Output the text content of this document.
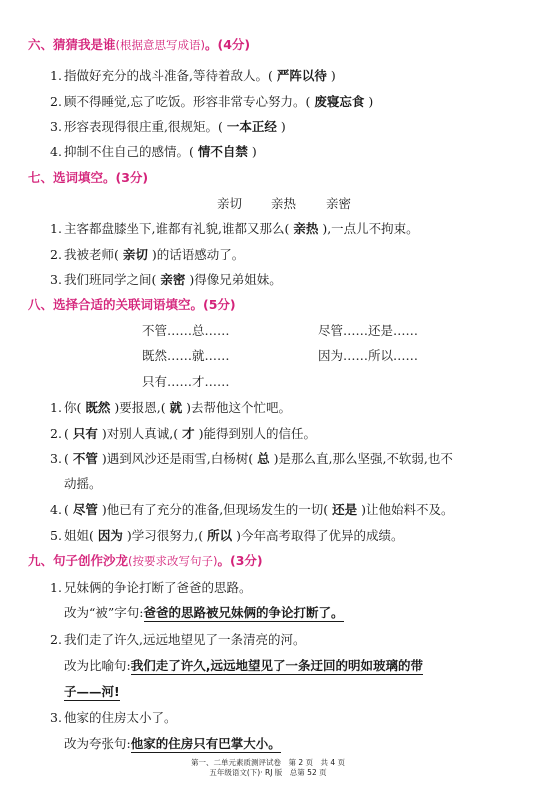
六、猜猜我是谁(根据意思写成语)。(4分)
1. 指做好充分的战斗准备,等待着敌人。( 严阵以待 )
2. 顾不得睡觉,忘了吃饭。形容非常专心努力。( 废寝忘食 )
3. 形容表现得很庄重,很规矩。( 一本正经 )
4. 抑制不住自己的感情。( 情不自禁 )
七、选词填空。(3分)
亲切 亲热 亲密
1. 主客都盘膝坐下,谁都有礼貌,谁都又那么( 亲热 ),一点儿不拘束。
2. 我被老师( 亲切 )的话语感动了。
3. 我们班同学之间( 亲密 )得像兄弟姐妹。
八、选择合适的关联词语填空。(5分)
不管……总……	尽管……还是……
既然……就……	因为……所以……
只有……才……
1. 你( 既然 )要报恩,( 就 )去帮他这个忙吧。
2. ( 只有 )对别人真诚,( 才 )能得到别人的信任。
3. ( 不管 )遇到风沙还是雨雪,白杨树( 总 )是那么直,那么坚强,不软弱,也不
动摇。
4. ( 尽管 )他已有了充分的准备,但现场发生的一切( 还是 )让他始料不及。
5. 姐姐( 因为 )学习很努力,( 所以 )今年高考取得了优异的成绩。
九、句子创作沙龙(按要求改写句子)。(3分)
1. 兄妹俩的争论打断了爸爸的思路。
改为“被”字句:爸爸的思路被兄妹俩的争论打断了。
2. 我们走了许久,远远地望见了一条清亮的河。
改为比喻句:我们走了许久,远远地望见了一条迂回的明如玻璃的带
子——河!
3. 他家的住房太小了。
改为夸张句:他家的住房只有巴掌大小。
第一、二单元素质测评试卷　第 2 页　共 4 页
五年级语文(下)· RJ 版　总第 52 页
